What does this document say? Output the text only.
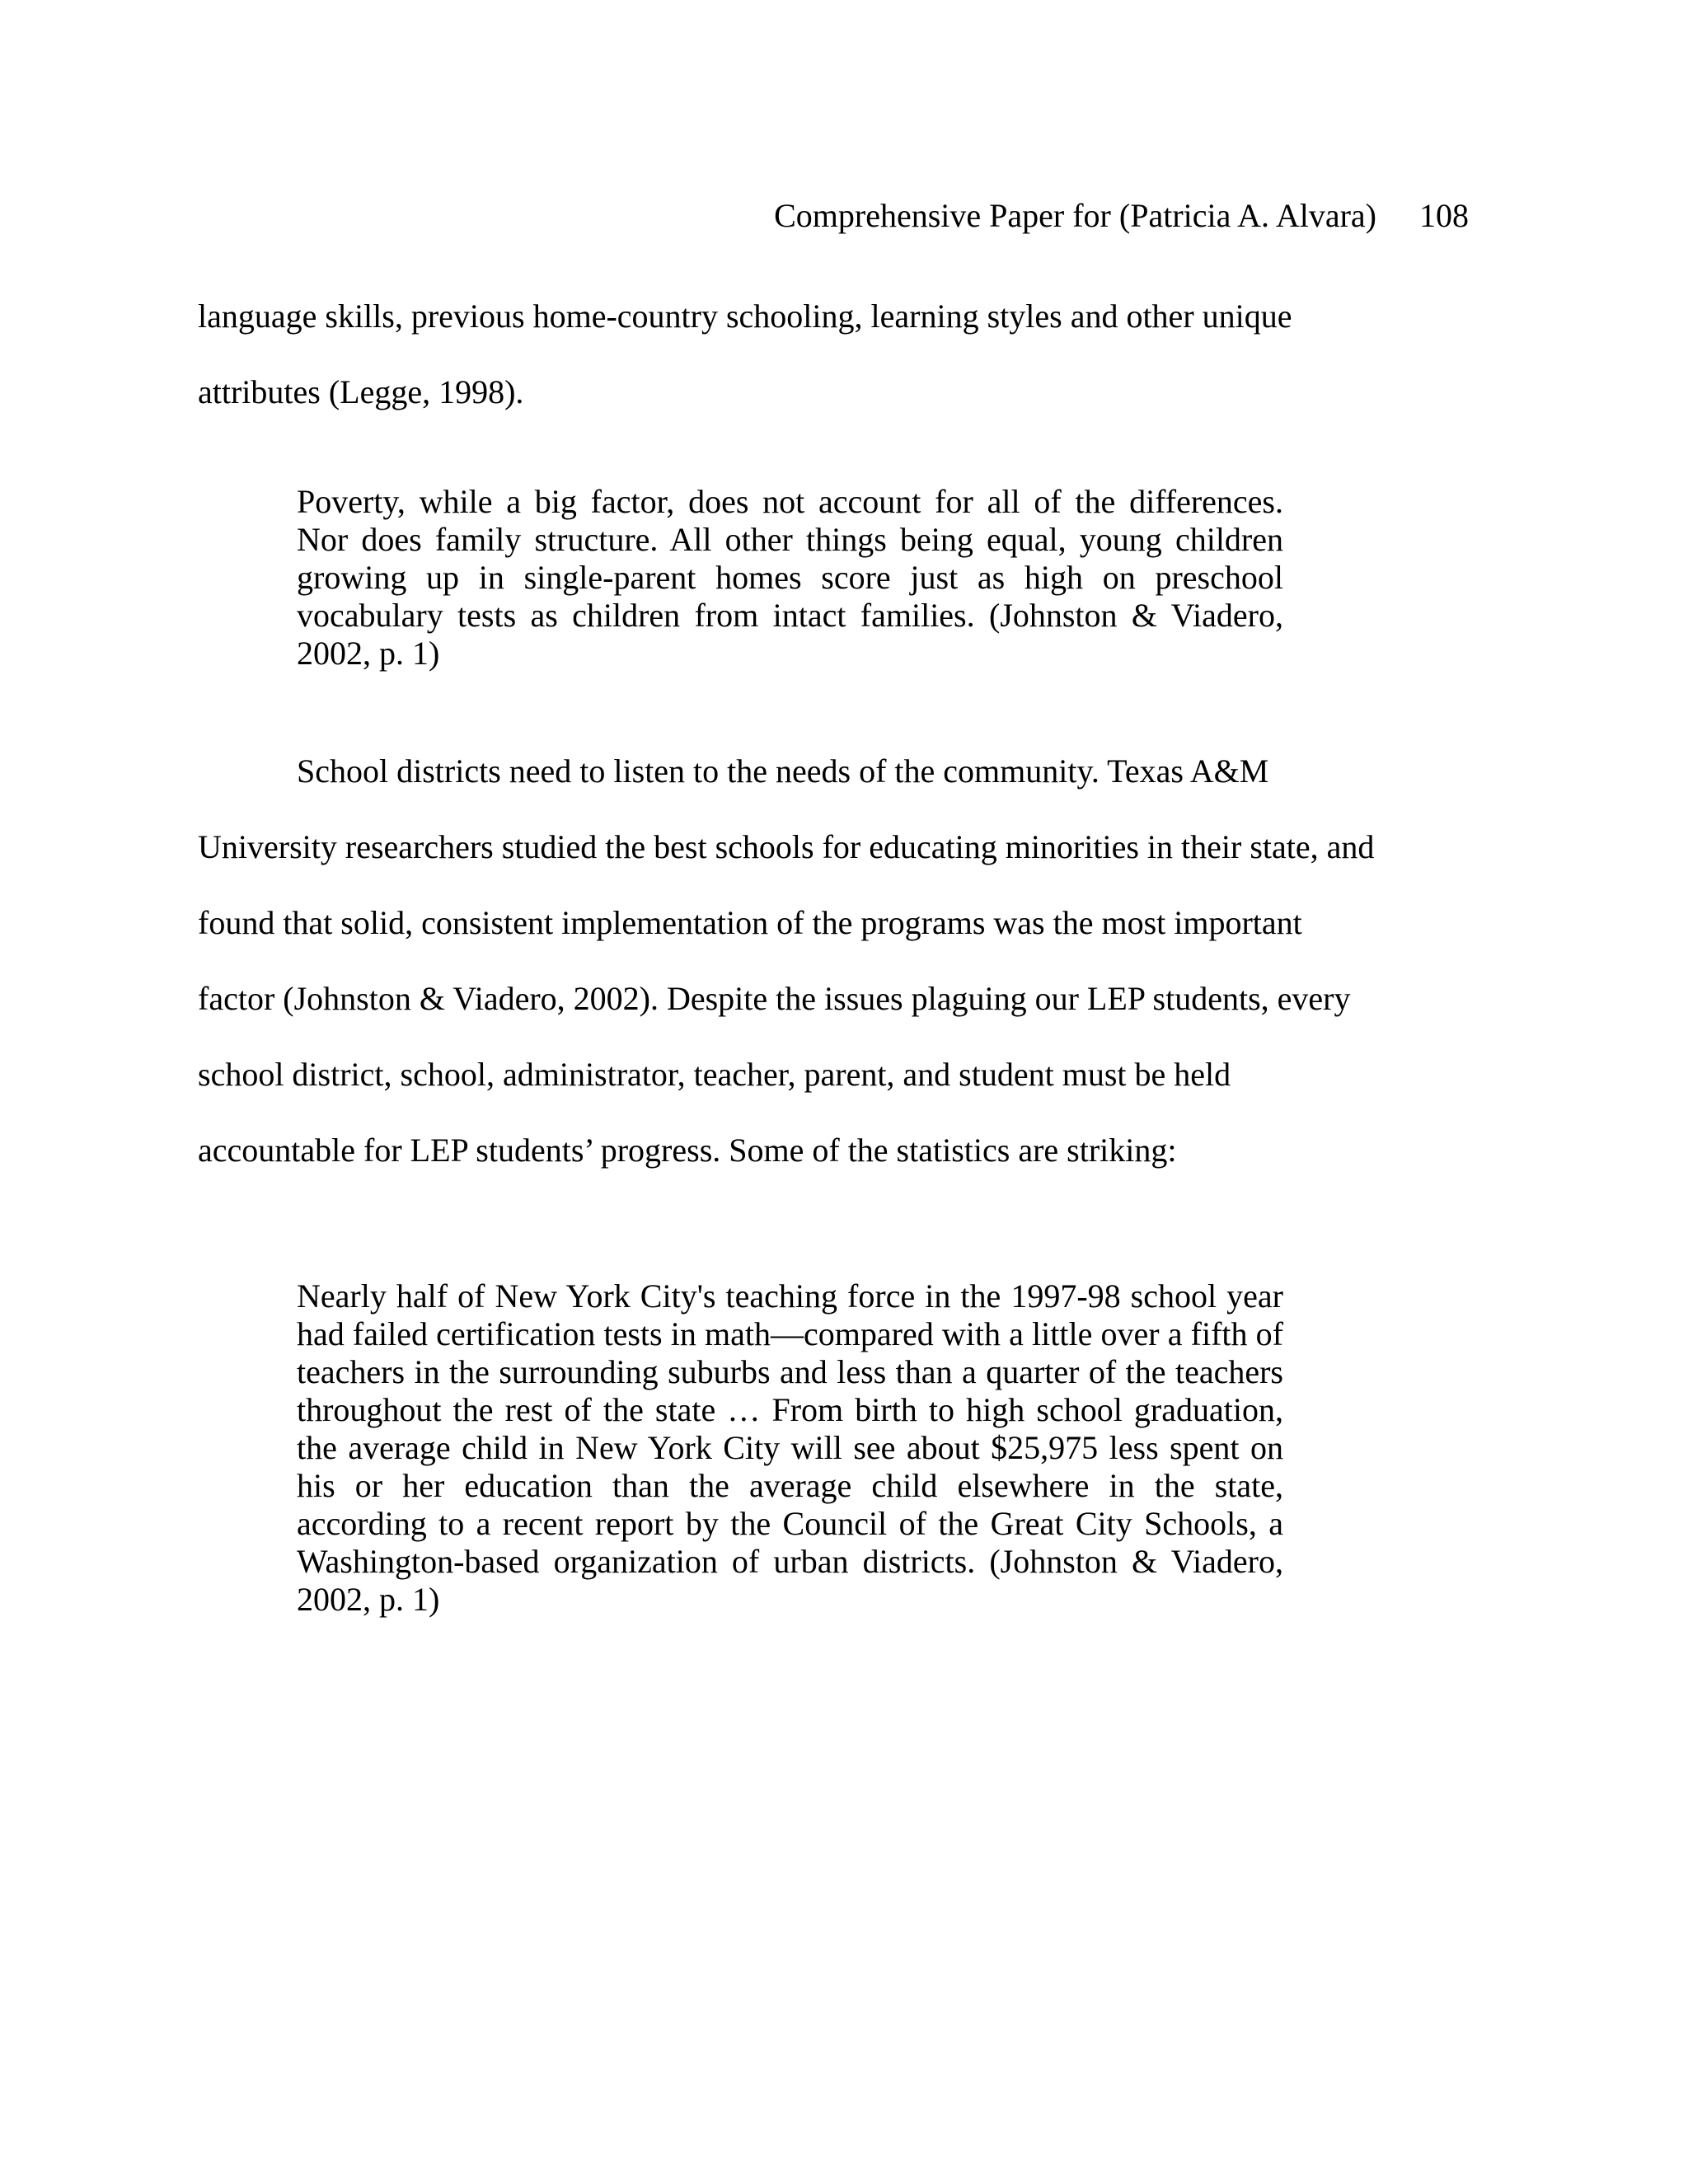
Comprehensive Paper for (Patricia A. Alvara) 108

language skills, previous home-country schooling, learning styles and other unique
attributes (Legge, 1998).

Poverty, while a big factor, does not account for all of the differences.
Nor does family structure. All other things being equal, young children
growing up in single-parent homes score just as high on preschool
vocabulary tests as children from intact families. (Johnston & Viadero,
2002, p. 1)

School districts need to listen to the needs of the community. Texas A&M
University researchers studied the best schools for educating minorities in their state, and
found that solid, consistent implementation of the programs was the most important
factor (Johnston & Viadero, 2002). Despite the issues plaguing our LEP students, every
school district, school, administrator, teacher, parent, and student must be held
accountable for LEP students’ progress. Some of the statistics are striking:

Nearly half of New York City's teaching force in the 1997-98 school year
had failed certification tests in math—compared with a little over a fifth of
teachers in the surrounding suburbs and less than a quarter of the teachers
throughout the rest of the state … From birth to high school graduation,
the average child in New York City will see about $25,975 less spent on
his or her education than the average child elsewhere in the state,
according to a recent report by the Council of the Great City Schools, a
Washington-based organization of urban districts. (Johnston & Viadero,
2002, p. 1)
